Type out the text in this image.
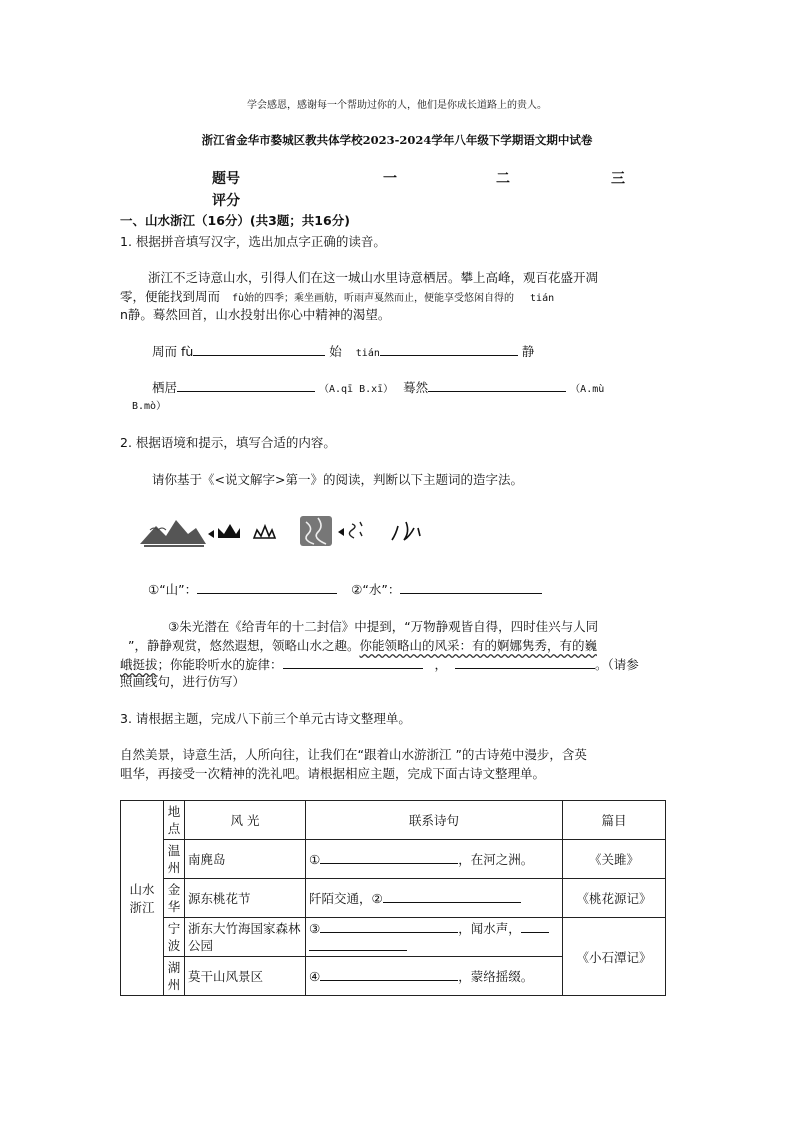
学会感恩，感谢每一个帮助过你的人，他们是你成长道路上的贵人。
浙江省金华市婺城区教共体学校2023-2024学年八年级下学期语文期中试卷
题号	一	二	三
评分
一、山水浙江（16分）(共3题；共16分)
1. 根据拼音填写汉字，选出加点字正确的读音。
浙江不乏诗意山水，引得人们在这一城山水里诗意栖居。攀上高峰，观百花盛开凋
零，便能找到周而 fù始的四季；乘坐画舫，听雨声戛然而止，便能享受悠闲自得的 tián
n静。蓦然回首，山水投射出你心中精神的渴望。
周而 fù	始 tián	静
栖居	（A.qī B.xī） 蓦然	（A.mù
B.mò）
2. 根据语境和提示，填写合适的内容。
请你基于《<说文解字>第一》的阅读，判断以下主题词的造字法。
①“山”：	②“水”：
③朱光潜在《给青年的十二封信》中提到，“万物静观皆自得，四时佳兴与人同
”，静静观赏，悠然遐想，领略山水之趣。你能领略山的风采：有的婀娜隽秀，有的巍
峨挺拔；你能聆听水的旋律：	，	。（请参
照画线句，进行仿写）
3. 请根据主题，完成八下前三个单元古诗文整理单。
自然美景，诗意生活，人所向往，让我们在“跟着山水游浙江 ”的古诗苑中漫步，含英
咀华，再接受一次精神的洗礼吧。请根据相应主题，完成下面古诗文整理单。
山水浙江	地点	风 光	联系诗句	篇目
	温州	南麂岛	① ，在河之洲。	《关雎》
	金华	源东桃花节	阡陌交通，②	《桃花源记》
	宁波	浙东大竹海国家森林公园	③ ，闻水声，	《小石潭记》
	湖州	莫干山风景区	④ ，蒙络摇缀。	
